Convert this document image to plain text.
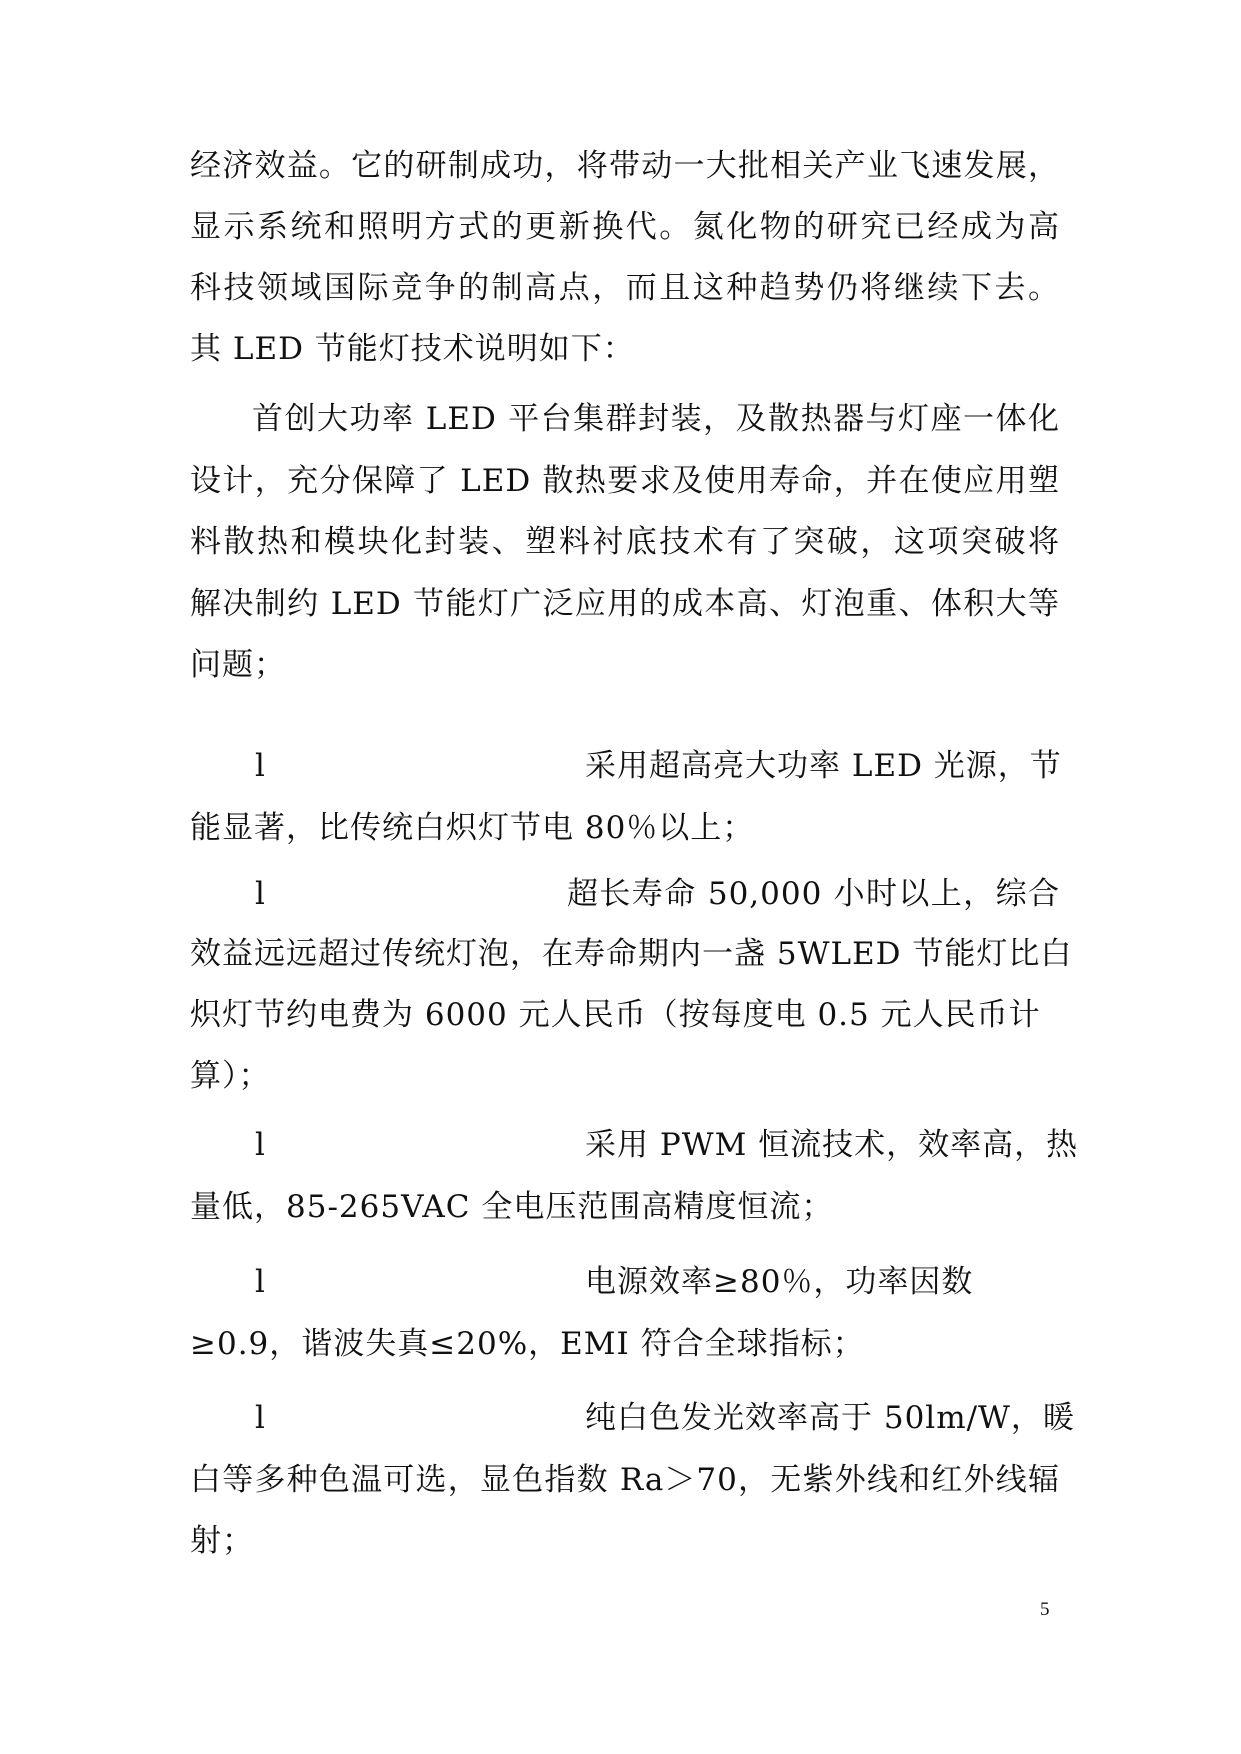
经济效益。它的研制成功，将带动一大批相关产业飞速发展，
显示系统和照明方式的更新换代。氮化物的研究已经成为高
科技领域国际竞争的制高点，而且这种趋势仍将继续下去。
其 LED 节能灯技术说明如下：
首创大功率 LED 平台集群封装，及散热器与灯座一体化
设计，充分保障了 LED 散热要求及使用寿命，并在使应用塑
料散热和模块化封装、塑料衬底技术有了突破，这项突破将
解决制约 LED 节能灯广泛应用的成本高、灯泡重、体积大等
问题；
l	采用超高亮大功率 LED 光源，节
能显著，比传统白炽灯节电 80％以上；
l	超长寿命 50,000 小时以上，综合
效益远远超过传统灯泡，在寿命期内一盏 5WLED 节能灯比白
炽灯节约电费为 6000 元人民币（按每度电 0.5 元人民币计
算）；
l	采用 PWM 恒流技术，效率高，热
量低，85-265VAC 全电压范围高精度恒流；
l	电源效率≥80％，功率因数
≥0.9，谐波失真≤20%，EMI 符合全球指标；
l	纯白色发光效率高于 50lm/W，暖
白等多种色温可选，显色指数 Ra＞70，无紫外线和红外线辐
射；
5
